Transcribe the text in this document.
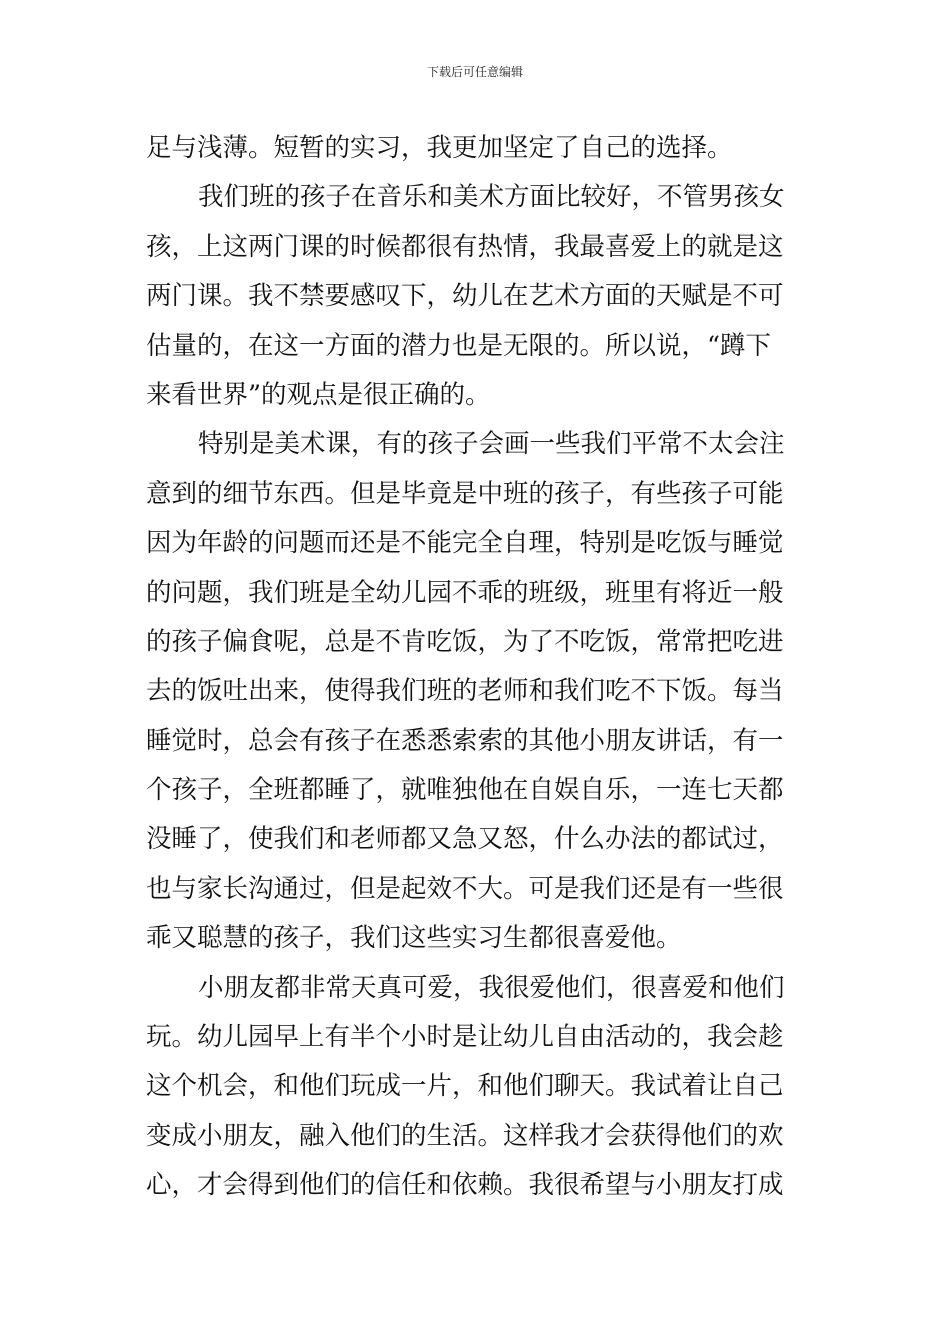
下载后可任意编辑
足与浅薄。短暂的实习，我更加坚定了自己的选择。
我们班的孩子在音乐和美术方面比较好，不管男孩女
孩，上这两门课的时候都很有热情，我最喜爱上的就是这
两门课。我不禁要感叹下，幼儿在艺术方面的天赋是不可
估量的，在这一方面的潜力也是无限的。所以说，“蹲下
来看世界”的观点是很正确的。
特别是美术课，有的孩子会画一些我们平常不太会注
意到的细节东西。但是毕竟是中班的孩子，有些孩子可能
因为年龄的问题而还是不能完全自理，特别是吃饭与睡觉
的问题，我们班是全幼儿园不乖的班级，班里有将近一般
的孩子偏食呢，总是不肯吃饭，为了不吃饭，常常把吃进
去的饭吐出来，使得我们班的老师和我们吃不下饭。每当
睡觉时，总会有孩子在悉悉索索的其他小朋友讲话，有一
个孩子，全班都睡了，就唯独他在自娱自乐，一连七天都
没睡了，使我们和老师都又急又怒，什么办法的都试过，
也与家长沟通过，但是起效不大。可是我们还是有一些很
乖又聪慧的孩子，我们这些实习生都很喜爱他。
小朋友都非常天真可爱，我很爱他们，很喜爱和他们
玩。幼儿园早上有半个小时是让幼儿自由活动的，我会趁
这个机会，和他们玩成一片，和他们聊天。我试着让自己
变成小朋友，融入他们的生活。这样我才会获得他们的欢
心，才会得到他们的信任和依赖。我很希望与小朋友打成
